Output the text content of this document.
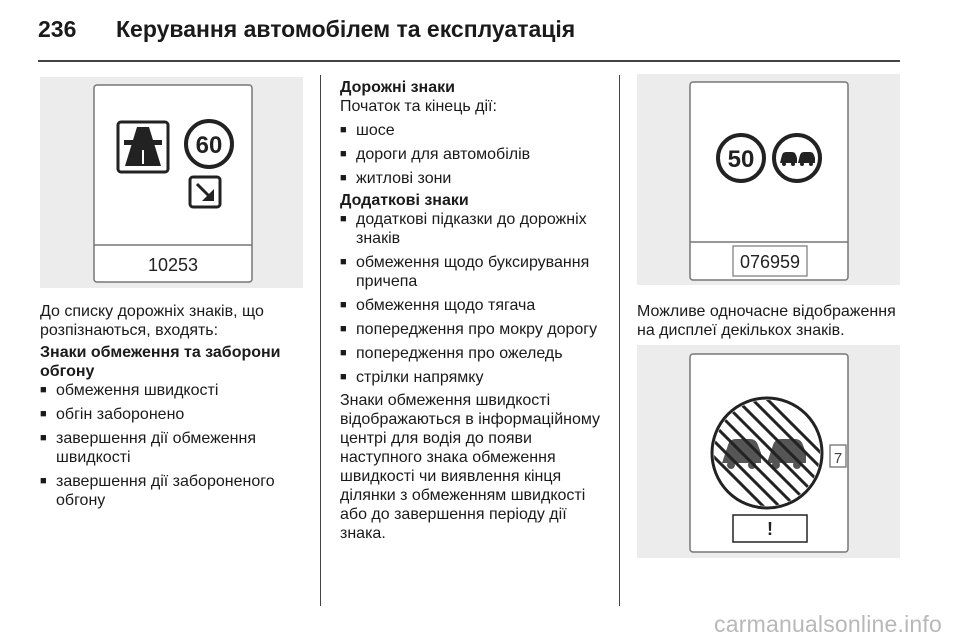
236 Керування автомобілем та експлуатація
60
10253

До списку дорожніх знаків, що
розпізнаються, входять:

Знаки обмеження та заборони
обгону

■ обмеження швидкості
■ обгін заборонено
■ завершення дії обмеження
швидкості
■ завершення дії забороненого
обгону

Дорожні знаки

Початок та кінець дії:

■ шосе
■ дороги для автомобілів
■ житлові зони

Додаткові знаки

■ додаткові підказки до дорожніх
знаків
■ обмеження щодо буксирування
причепа
■ обмеження щодо тягача
■ попередження про мокру дорогу
■ попередження про ожеледь
■ стрілки напрямку

Знаки обмеження швидкості
відображаються в інформаційному
центрі для водія до появи
наступного знака обмеження
швидкості чи виявлення кінця
ділянки з обмеженням швидкості
або до завершення періоду дії
знака.

50
076959

Можливе одночасне відображення
на дисплеї декількох знаків.

7
!
carmanualsonline.info
